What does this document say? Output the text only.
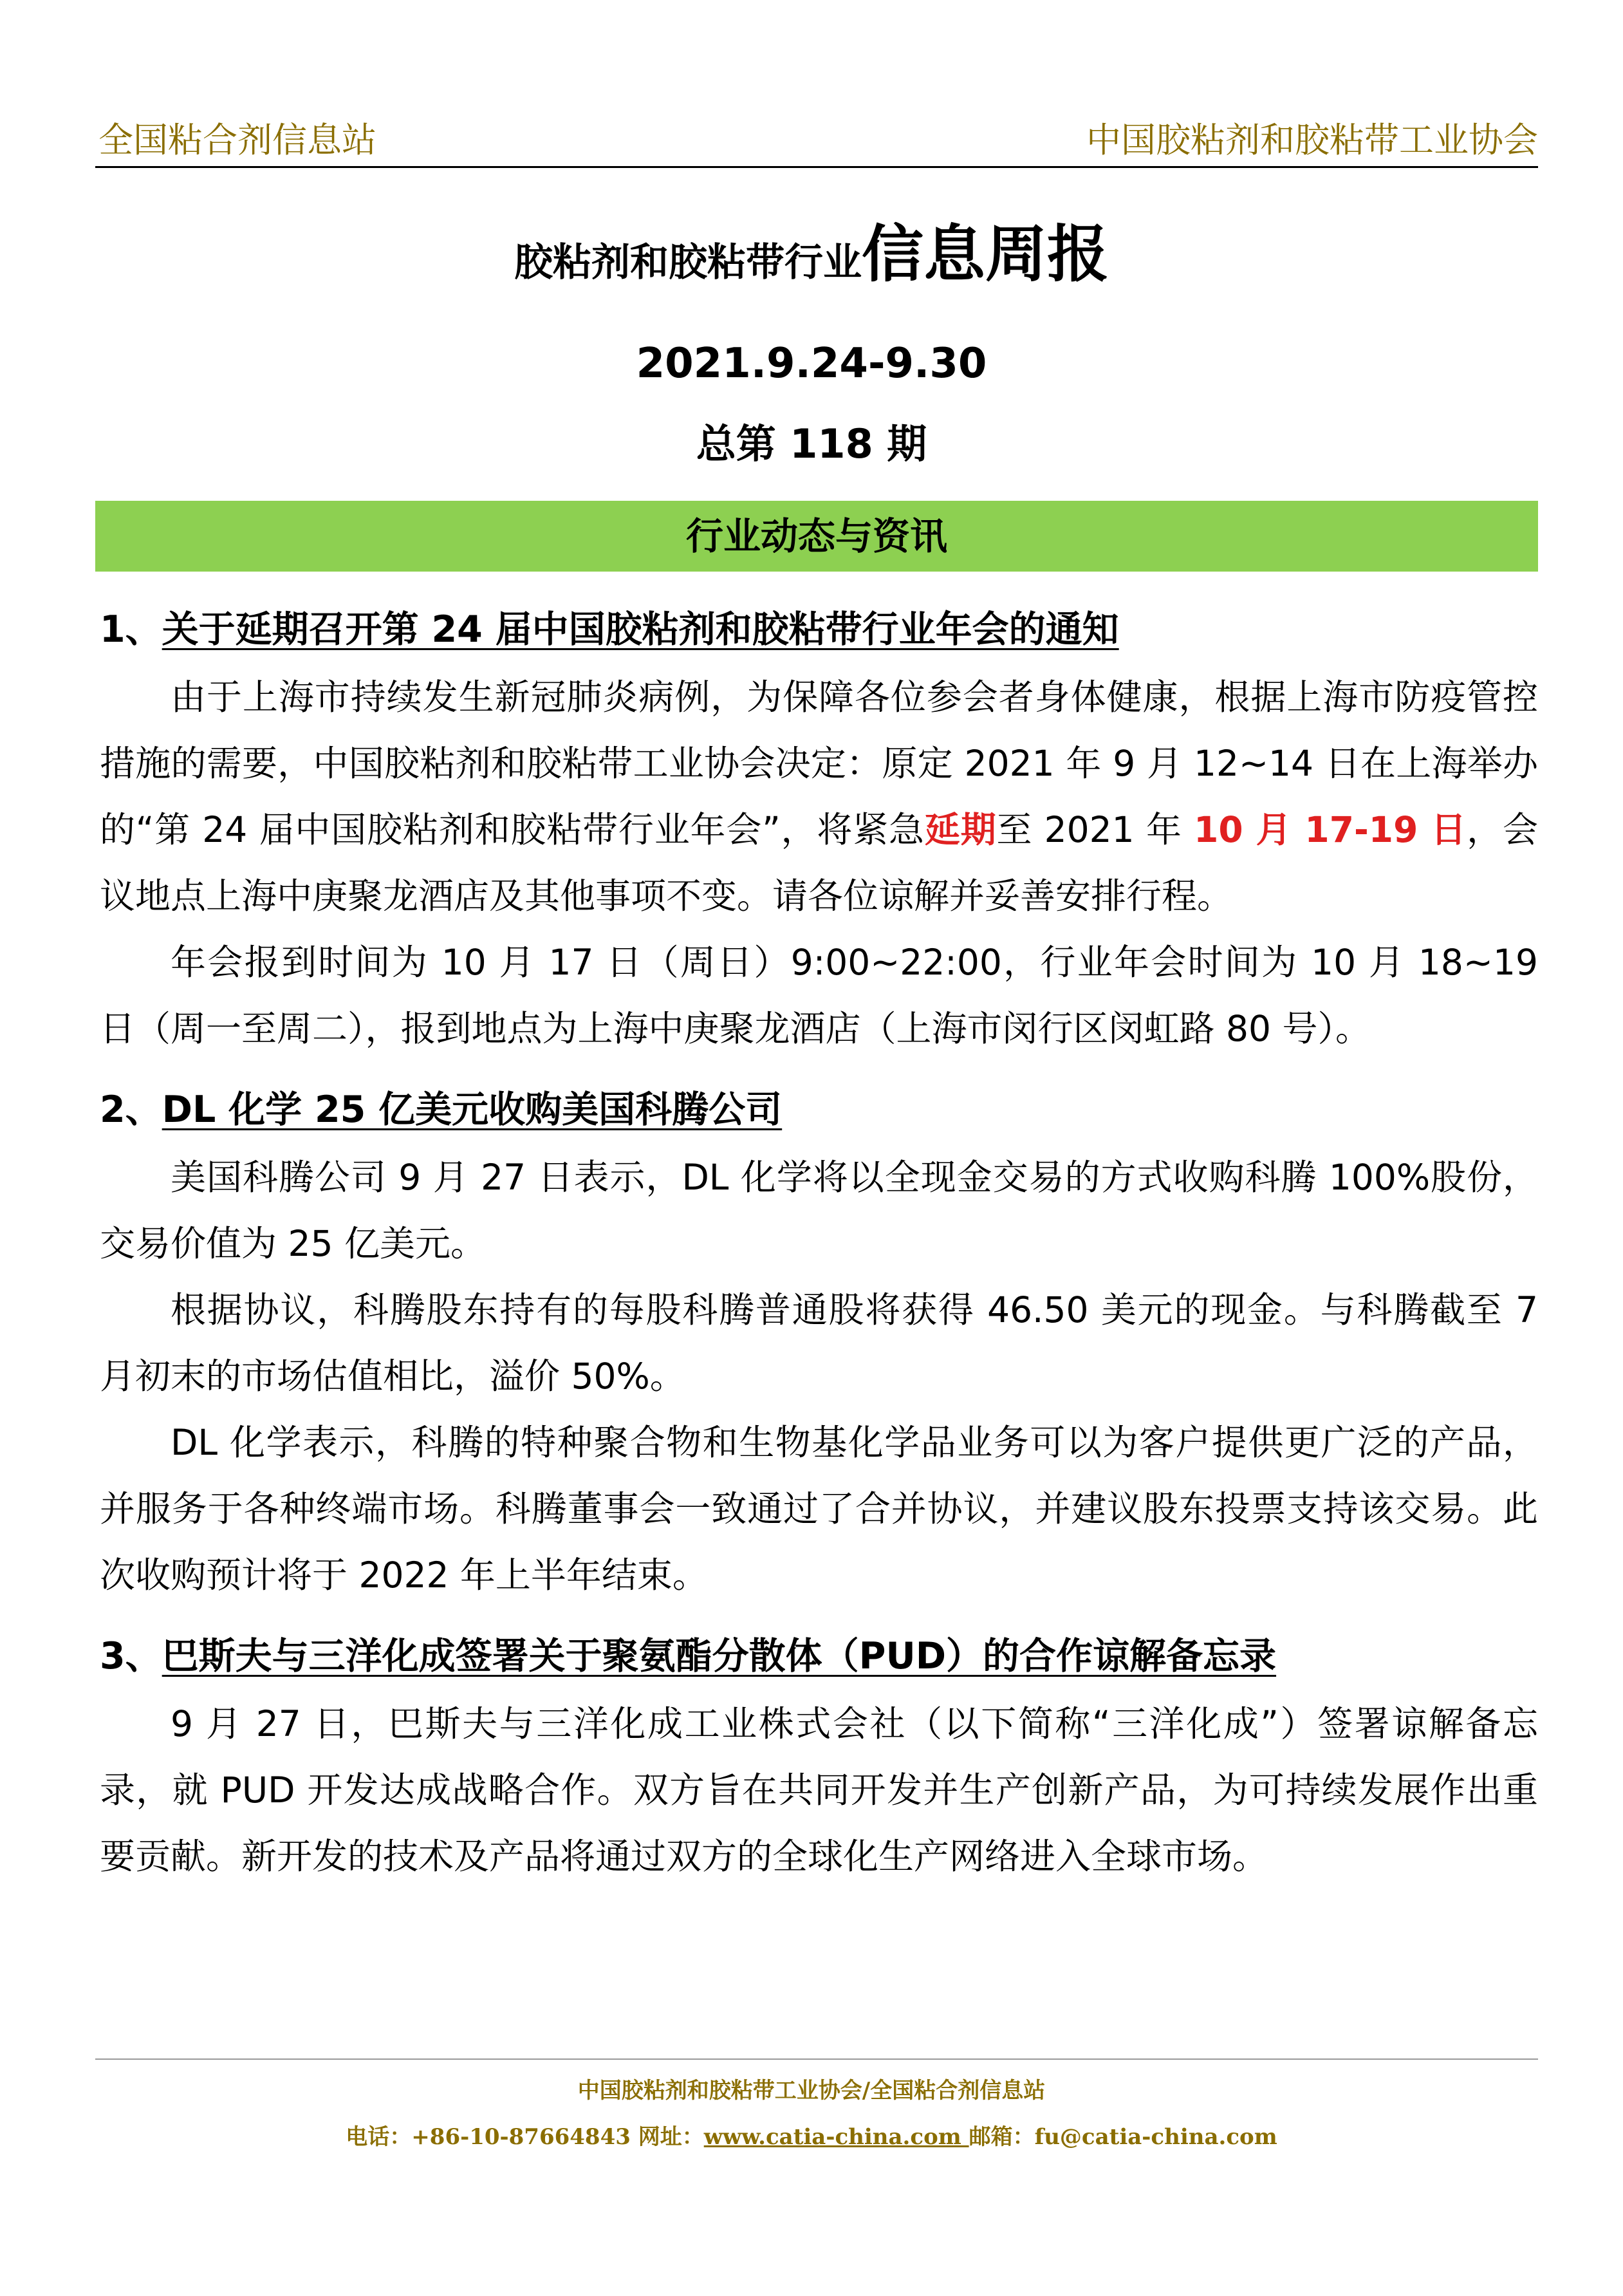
全国粘合剂信息站	中国胶粘剂和胶粘带工业协会
胶粘剂和胶粘带行业信息周报
2021.9.24-9.30
总第 118 期
行业动态与资讯
1、关于延期召开第 24 届中国胶粘剂和胶粘带行业年会的通知

由于上海市持续发生新冠肺炎病例，为保障各位参会者身体健康，根据上海市防疫管控措施的需要，中国胶粘剂和胶粘带工业协会决定：原定 2021 年 9 月 12~14 日在上海举办的“第 24 届中国胶粘剂和胶粘带行业年会”，将紧急延期至 2021 年 10 月 17-19 日，会议地点上海中庚聚龙酒店及其他事项不变。请各位谅解并妥善安排行程。

年会报到时间为 10 月 17 日（周日）9:00~22:00，行业年会时间为 10 月 18~19 日（周一至周二），报到地点为上海中庚聚龙酒店（上海市闵行区闵虹路 80 号）。

2、DL 化学 25 亿美元收购美国科腾公司

美国科腾公司 9 月 27 日表示，DL 化学将以全现金交易的方式收购科腾 100%股份，交易价值为 25 亿美元。

根据协议，科腾股东持有的每股科腾普通股将获得 46.50 美元的现金。与科腾截至 7 月初末的市场估值相比，溢价 50%。

DL 化学表示，科腾的特种聚合物和生物基化学品业务可以为客户提供更广泛的产品，并服务于各种终端市场。科腾董事会一致通过了合并协议，并建议股东投票支持该交易。此次收购预计将于 2022 年上半年结束。

3、巴斯夫与三洋化成签署关于聚氨酯分散体（PUD）的合作谅解备忘录

9 月 27 日，巴斯夫与三洋化成工业株式会社（以下简称“三洋化成”）签署谅解备忘录，就 PUD 开发达成战略合作。双方旨在共同开发并生产创新产品，为可持续发展作出重要贡献。新开发的技术及产品将通过双方的全球化生产网络进入全球市场。

中国胶粘剂和胶粘带工业协会/全国粘合剂信息站
电话：+86-10-87664843 网址：www.catia-china.com 邮箱：fu@catia-china.com
